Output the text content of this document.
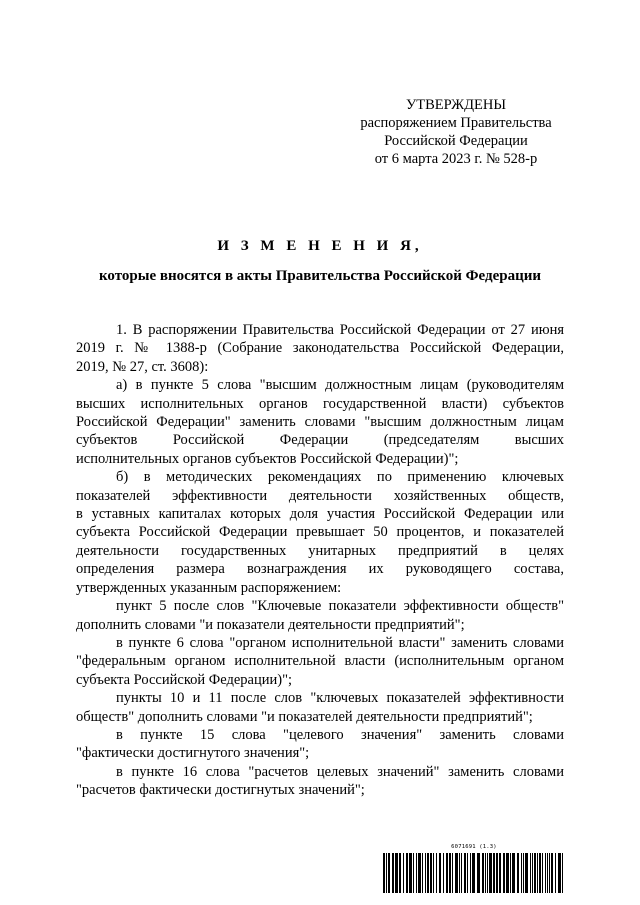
УТВЕРЖДЕНЫ
распоряжением Правительства
Российской Федерации
от 6 марта 2023 г. № 528-р
И З М Е Н Е Н И Я,
которые вносятся в акты Правительства Российской Федерации

1. В распоряжении Правительства Российской Федерации от 27 июня
2019 г. № 1388-р (Собрание законодательства Российской Федерации,
2019, № 27, ст. 3608):

а) в пункте 5 слова "высшим должностным лицам (руководителям
высших исполнительных органов государственной власти) субъектов
Российской Федерации" заменить словами "высшим должностным лицам
субъектов Российской Федерации (председателям высших
исполнительных органов субъектов Российской Федерации)";

б) в методических рекомендациях по применению ключевых
показателей эффективности деятельности хозяйственных обществ,
в уставных капиталах которых доля участия Российской Федерации или
субъекта Российской Федерации превышает 50 процентов, и показателей
деятельности государственных унитарных предприятий в целях
определения размера вознаграждения их руководящего состава,
утвержденных указанным распоряжением:

пункт 5 после слов "Ключевые показатели эффективности обществ"
дополнить словами "и показатели деятельности предприятий";

в пункте 6 слова "органом исполнительной власти" заменить словами
"федеральным органом исполнительной власти (исполнительным органом
субъекта Российской Федерации)";

пункты 10 и 11 после слов "ключевых показателей эффективности
обществ" дополнить словами "и показателей деятельности предприятий";

в пункте 15 слова "целевого значения" заменить словами
"фактически достигнутого значения";

в пункте 16 слова "расчетов целевых значений" заменить словами
"расчетов фактически достигнутых значений";

6071691 (1.3)
